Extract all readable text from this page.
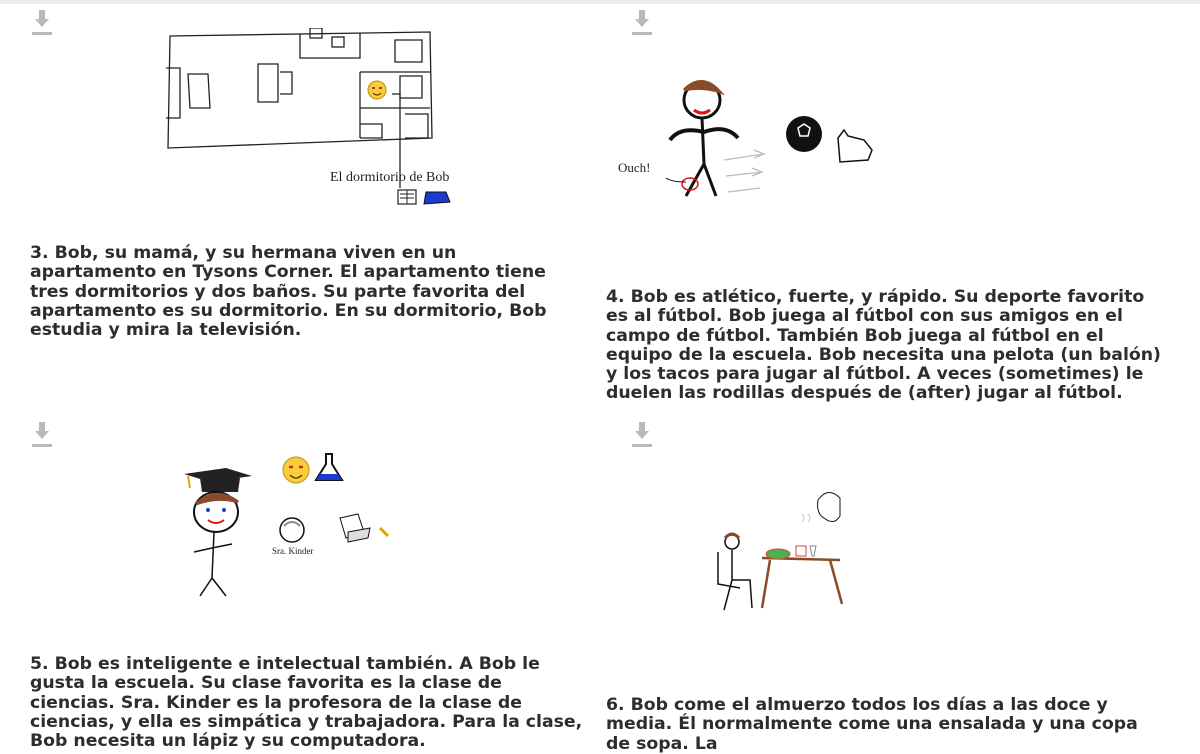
El dormitorio de Bob

3. Bob, su mamá, y su hermana viven en un apartamento en Tysons Corner. El apartamento tiene tres dormitorios y dos baños. Su parte favorita del apartamento es su dormitorio. En su dormitorio, Bob estudia y mira la televisión.

Ouch!

4. Bob es atlético, fuerte, y rápido. Su deporte favorito es al fútbol. Bob juega al fútbol con sus amigos en el campo de fútbol. También Bob juega al fútbol en el equipo de la escuela. Bob necesita una pelota (un balón) y los tacos para jugar al fútbol. A veces (sometimes) le duelen las rodillas después de (after) jugar al fútbol.

Sra. Kinder

5. Bob es inteligente e intelectual también. A Bob le gusta la escuela. Su clase favorita es la clase de ciencias. Sra. Kinder es la profesora de la clase de ciencias, y ella es simpática y trabajadora. Para la clase, Bob necesita un lápiz y su computadora.

6. Bob come el almuerzo todos los días a las doce y media. Él normalmente come una ensalada y una copa de sopa. La
